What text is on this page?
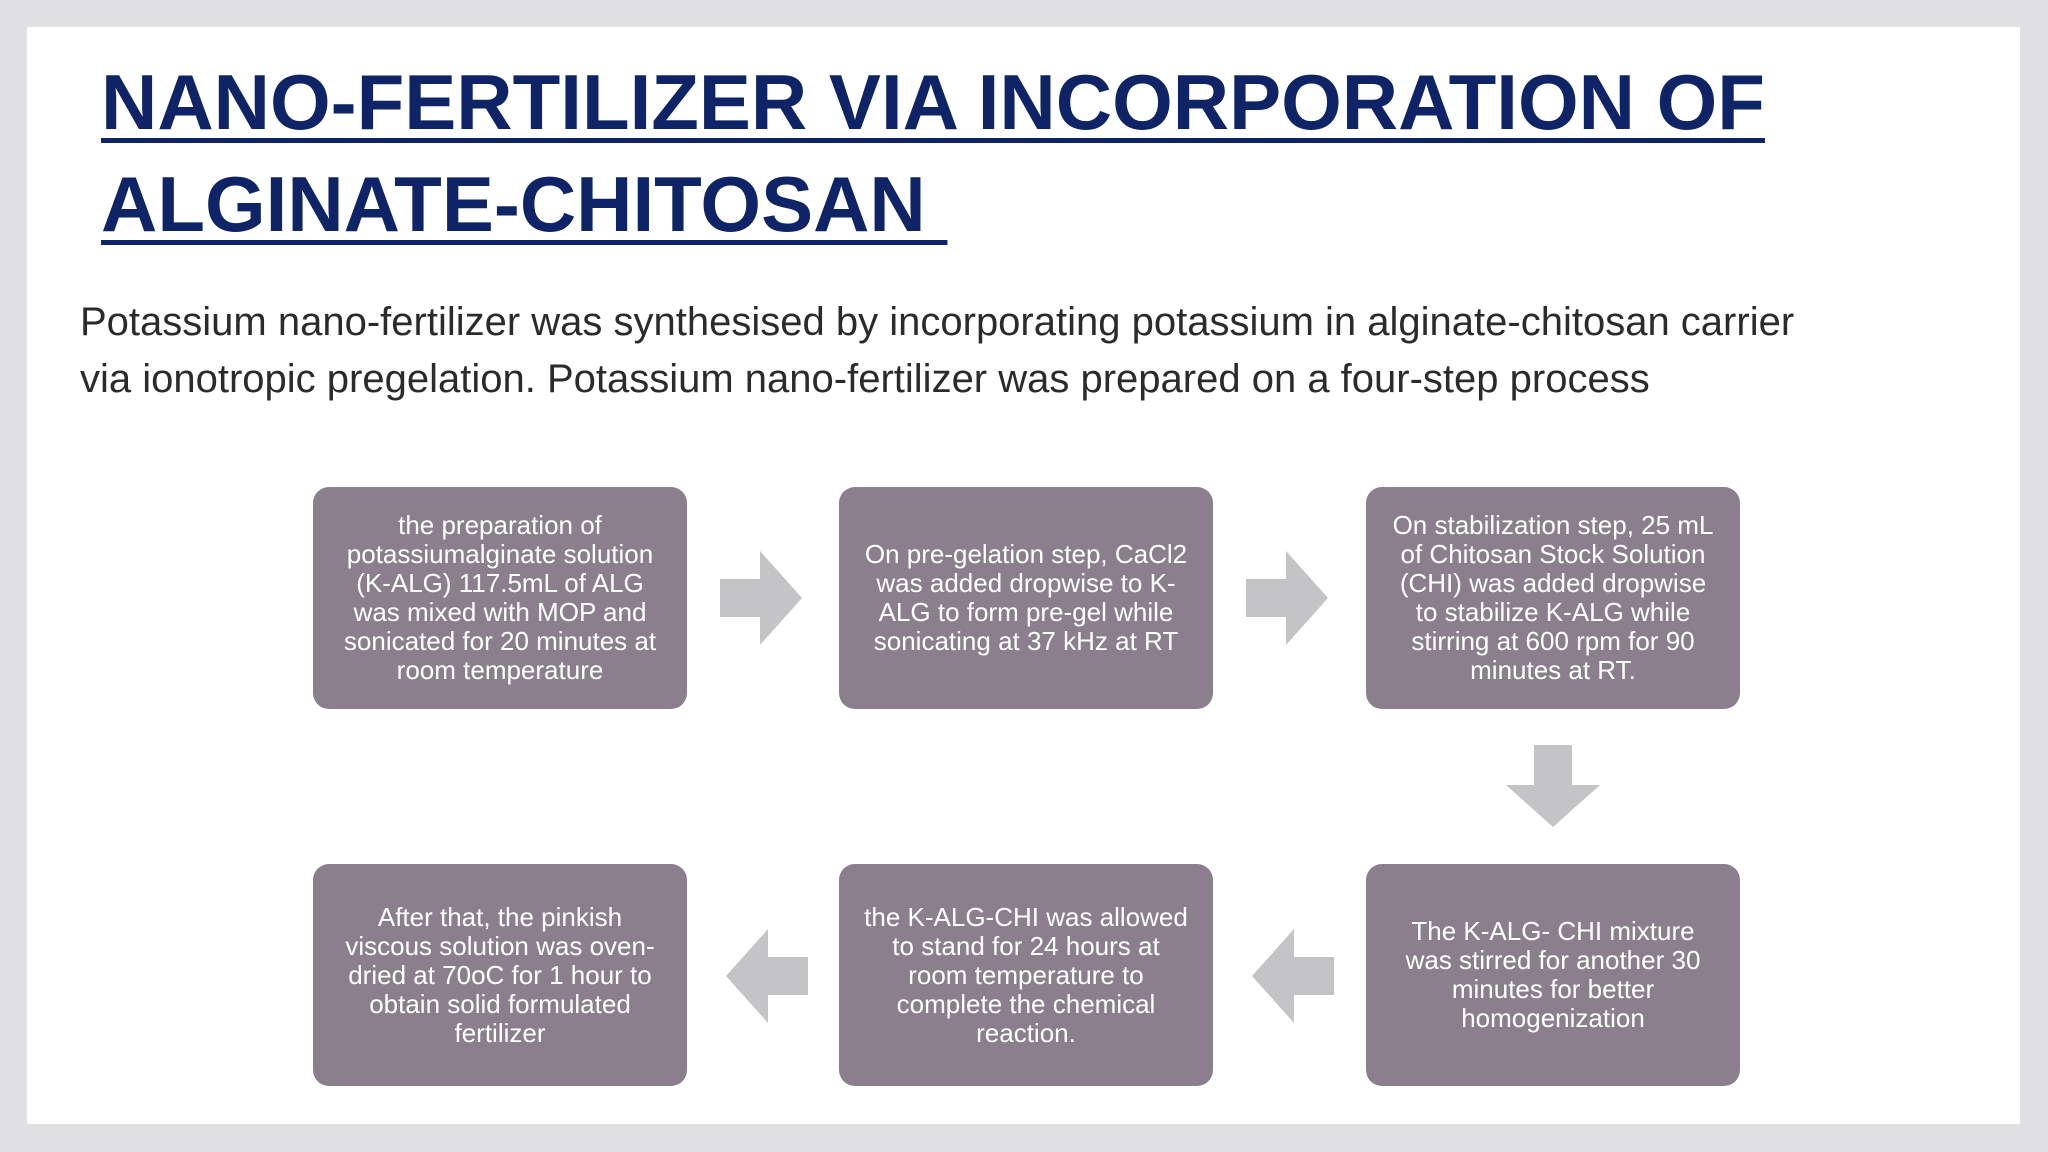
NANO-FERTILIZER VIA INCORPORATION OF
ALGINATE-CHITOSAN

Potassium nano-fertilizer was synthesised by incorporating potassium in alginate-chitosan carrier
via ionotropic pregelation. Potassium nano-fertilizer was prepared on a four-step process

the preparation of
potassiumalginate solution
(K-ALG) 117.5mL of ALG
was mixed with MOP and
sonicated for 20 minutes at
room temperature
On pre-gelation step, CaCl2
was added dropwise to K-
ALG to form pre-gel while
sonicating at 37 kHz at RT
On stabilization step, 25 mL
of Chitosan Stock Solution
(CHI) was added dropwise
to stabilize K-ALG while
stirring at 600 rpm for 90
minutes at RT.
The K-ALG- CHI mixture
was stirred for another 30
minutes for better
homogenization
the K-ALG-CHI was allowed
to stand for 24 hours at
room temperature to
complete the chemical
reaction.
After that, the pinkish
viscous solution was oven-
dried at 70oC for 1 hour to
obtain solid formulated
fertilizer
